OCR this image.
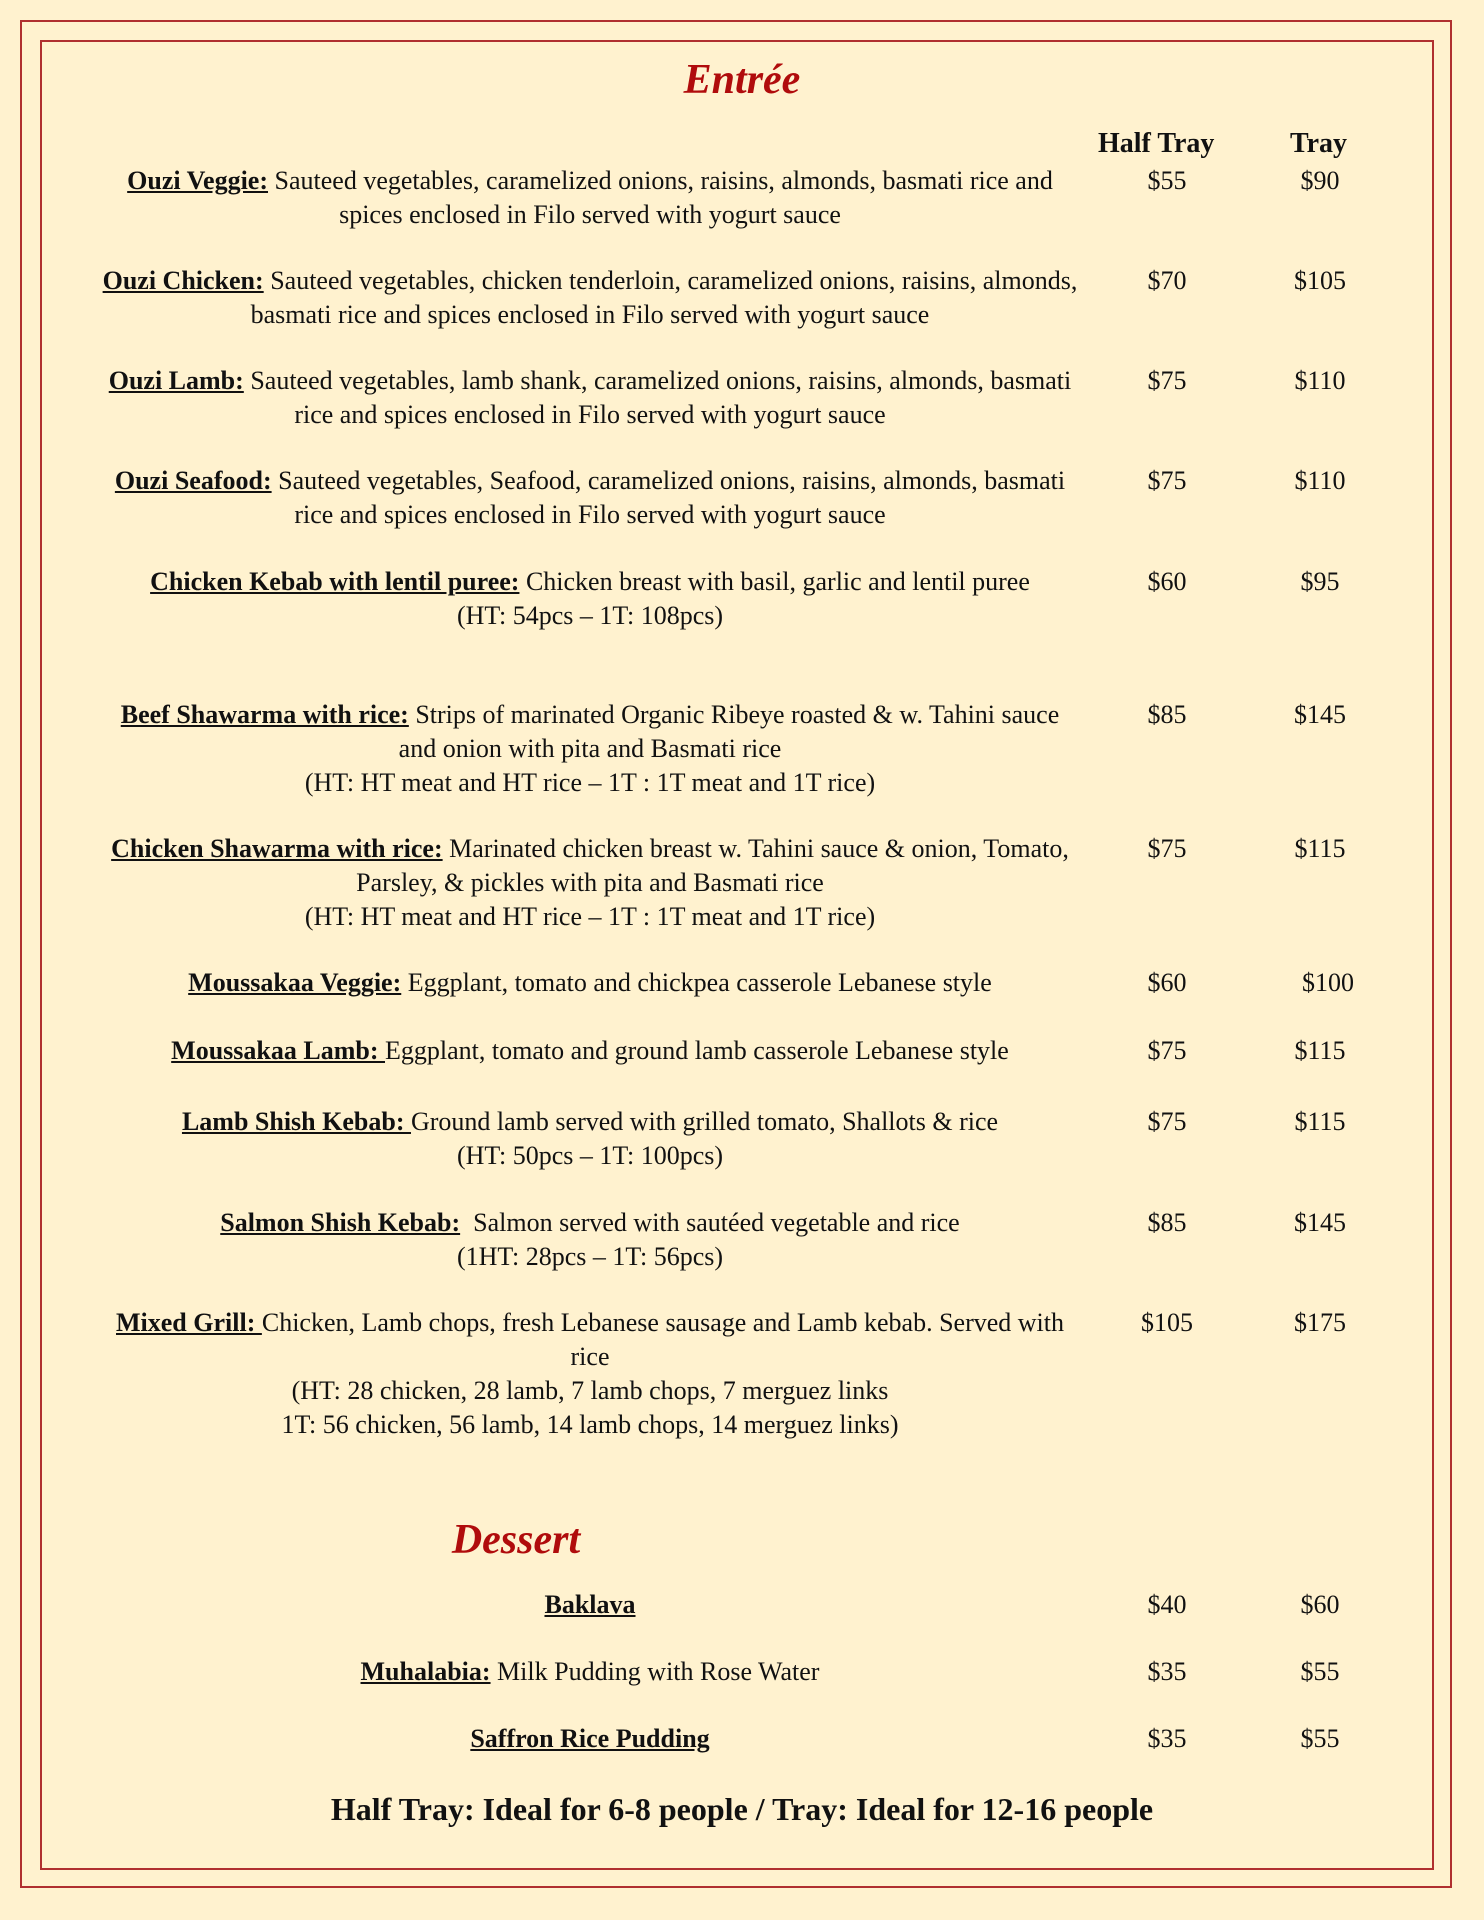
Entrée
Half Tray	Tray
Ouzi Veggie: Sauteed vegetables, caramelized onions, raisins, almonds, basmati rice and spices enclosed in Filo served with yogurt sauce
$55	$90
Ouzi Chicken: Sauteed vegetables, chicken tenderloin, caramelized onions, raisins, almonds, basmati rice and spices enclosed in Filo served with yogurt sauce
$70	$105
Ouzi Lamb: Sauteed vegetables, lamb shank, caramelized onions, raisins, almonds, basmati rice and spices enclosed in Filo served with yogurt sauce
$75	$110
Ouzi Seafood: Sauteed vegetables, Seafood, caramelized onions, raisins, almonds, basmati rice and spices enclosed in Filo served with yogurt sauce
$75	$110
Chicken Kebab with lentil puree: Chicken breast with basil, garlic and lentil puree
(HT: 54pcs – 1T: 108pcs)
$60	$95
Beef Shawarma with rice: Strips of marinated Organic Ribeye roasted & w. Tahini sauce and onion with pita and Basmati rice
(HT: HT meat and HT rice – 1T : 1T meat and 1T rice)
$85	$145
Chicken Shawarma with rice: Marinated chicken breast w. Tahini sauce & onion, Tomato, Parsley, & pickles with pita and Basmati rice
(HT: HT meat and HT rice – 1T : 1T meat and 1T rice)
$75	$115
Moussakaa Veggie: Eggplant, tomato and chickpea casserole Lebanese style	$60	$100
Moussakaa Lamb: Eggplant, tomato and ground lamb casserole Lebanese style	$75	$115
Lamb Shish Kebab: Ground lamb served with grilled tomato, Shallots & rice
(HT: 50pcs – 1T: 100pcs)
$75	$115
Salmon Shish Kebab:  Salmon served with sautéed vegetable and rice
(1HT: 28pcs – 1T: 56pcs)
$85	$145
Mixed Grill: Chicken, Lamb chops, fresh Lebanese sausage and Lamb kebab. Served with rice
(HT: 28 chicken, 28 lamb, 7 lamb chops, 7 merguez links
1T: 56 chicken, 56 lamb, 14 lamb chops, 14 merguez links)
$105	$175
Dessert
Baklava	$40	$60
Muhalabia: Milk Pudding with Rose Water	$35	$55
Saffron Rice Pudding	$35	$55
Half Tray: Ideal for 6-8 people / Tray: Ideal for 12-16 people
